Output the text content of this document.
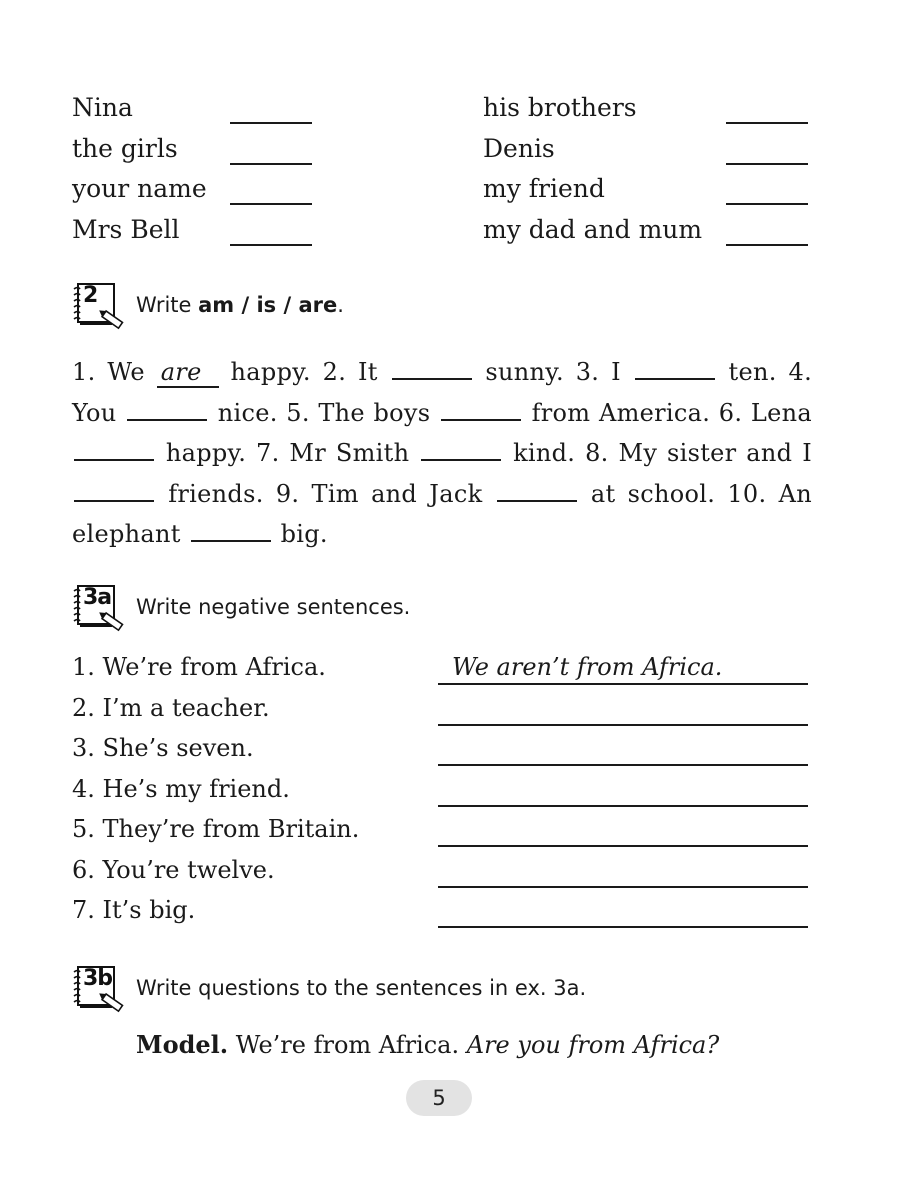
Nina	his brothers
the girls	Denis
your name	my friend
Mrs Bell	my dad and mum
2 Write am / is / are.
1. We are happy. 2. It	sunny. 3. I	ten. 4. You	nice. 5. The boys	from America. 6. Lena  happy. 7. Mr Smith	kind. 8. My sister and I  friends. 9. Tim and Jack	at school. 10. An elephant	big.
3a Write negative sentences.
1. We’re from Africa.	We aren’t from Africa.
2. I’m a teacher.
3. She’s seven.
4. He’s my friend.
5. They’re from Britain.
6. You’re twelve.
7. It’s big.
3b Write questions to the sentences in ex. 3a.
Model. We’re from Africa. Are you from Africa?
5
